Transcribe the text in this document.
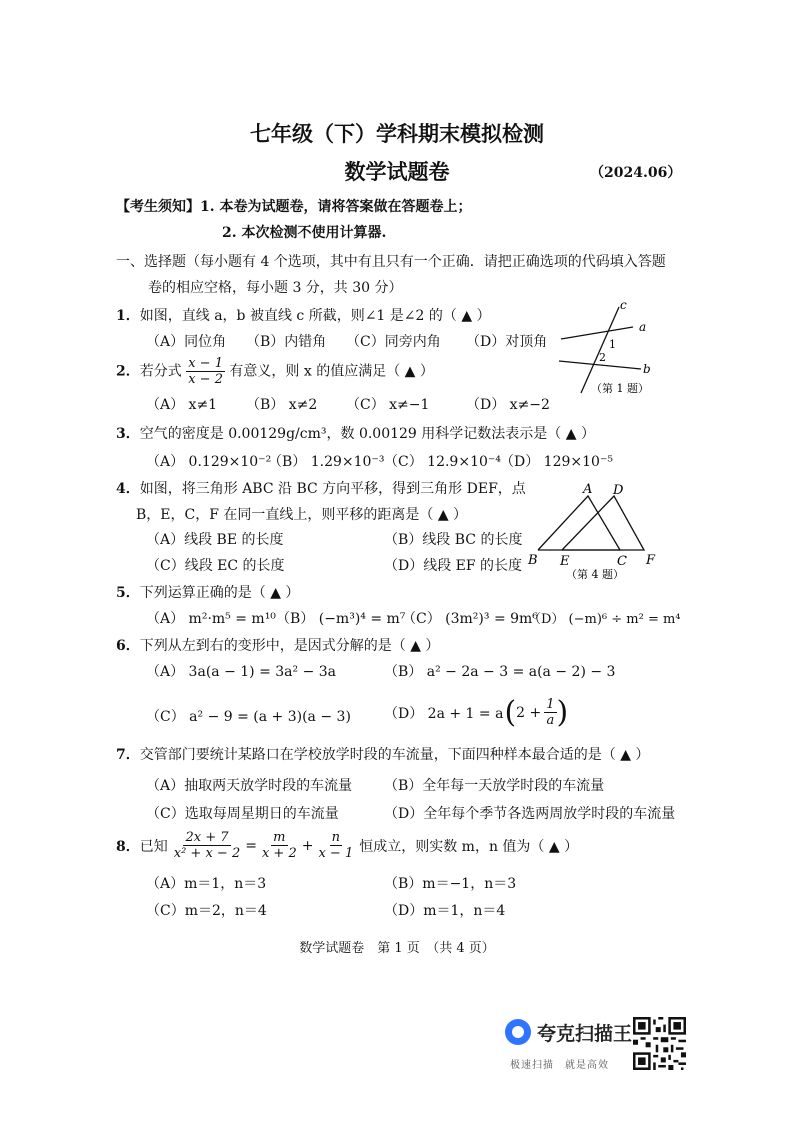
七年级（下）学科期末模拟检测
数学试题卷	（2024.06）
【考生须知】1. 本卷为试题卷，请将答案做在答题卷上；
2. 本次检测不使用计算器.
一、选择题（每小题有 4 个选项，其中有且只有一个正确．请把正确选项的代码填入答题
卷的相应空格，每小题 3 分，共 30 分）
1．如图，直线 a，b 被直线 c 所截，则∠1 是∠2 的（ ▲ ）
（A）同位角 （B）内错角 （C）同旁内角 （D）对顶角
c
a
b
1
2
（第 1 题）
2．若分式 $\frac{x - 1}{x - 2}$ 有意义，则 x 的值应满足（ ▲ ）
（A） x≠1 （B） x≠2 （C） x≠−1	（D） x≠−2
3．空气的密度是 0.00129g/cm³，数 0.00129 用科学记数法表示是（ ▲ ）
（A） 0.129×10⁻²
（B） 1.29×10⁻³ （C） 12.9×10⁻⁴ （D） 129×10⁻⁵
4．如图，将三角形 ABC 沿 BC 方向平移，得到三角形 DEF，点
B，E，C，F 在同一直线上，则平移的距离是（ ▲ ）
（A）线段 BE 的长度	（B）线段 BC 的长度
（C）线段 EC 的长度	（D）线段 EF 的长度
A D
B E	C F
（第 4 题）
5．下列运算正确的是（ ▲ ）
（A） m²·m⁵ = m¹⁰ （B） (−m³)⁴ = m⁷
（C） (3m²)³ = 9m⁶
（D） (−m)⁶ ÷ m² = m⁴
6．下列从左到右的变形中，是因式分解的是（ ▲ ）
（A） 3a(a − 1) = 3a² − 3a	（B） a² − 2a − 3 = a(a − 2) − 3
（C） a² − 9 = (a + 3)(a − 3) （D） 2a + 1 = a ( $2 + \frac{1}{a}$ )
7．交管部门要统计某路口在学校放学时段的车流量，下面四种样本最合适的是（ ▲ ）
（A）抽取两天放学时段的车流量 （B）全年每一天放学时段的车流量
（C）选取每周星期日的车流量	（D）全年每个季节各选两周放学时段的车流量
8． 已知 $\frac{2x + 7}{\text{x² + x − 2}} = \frac{m}{x + 2} + \frac{n}{x - 1}$ 恒成立，则实数 m，n 值为（ ▲ ）
（A）m＝1，n＝3	（B）m＝−1，n＝3
（C）m＝2，n＝4	（D）m＝1，n＝4
数学试题卷　第 1 页　（共 4 页）
夸克扫描王
极速扫描　就是高效
